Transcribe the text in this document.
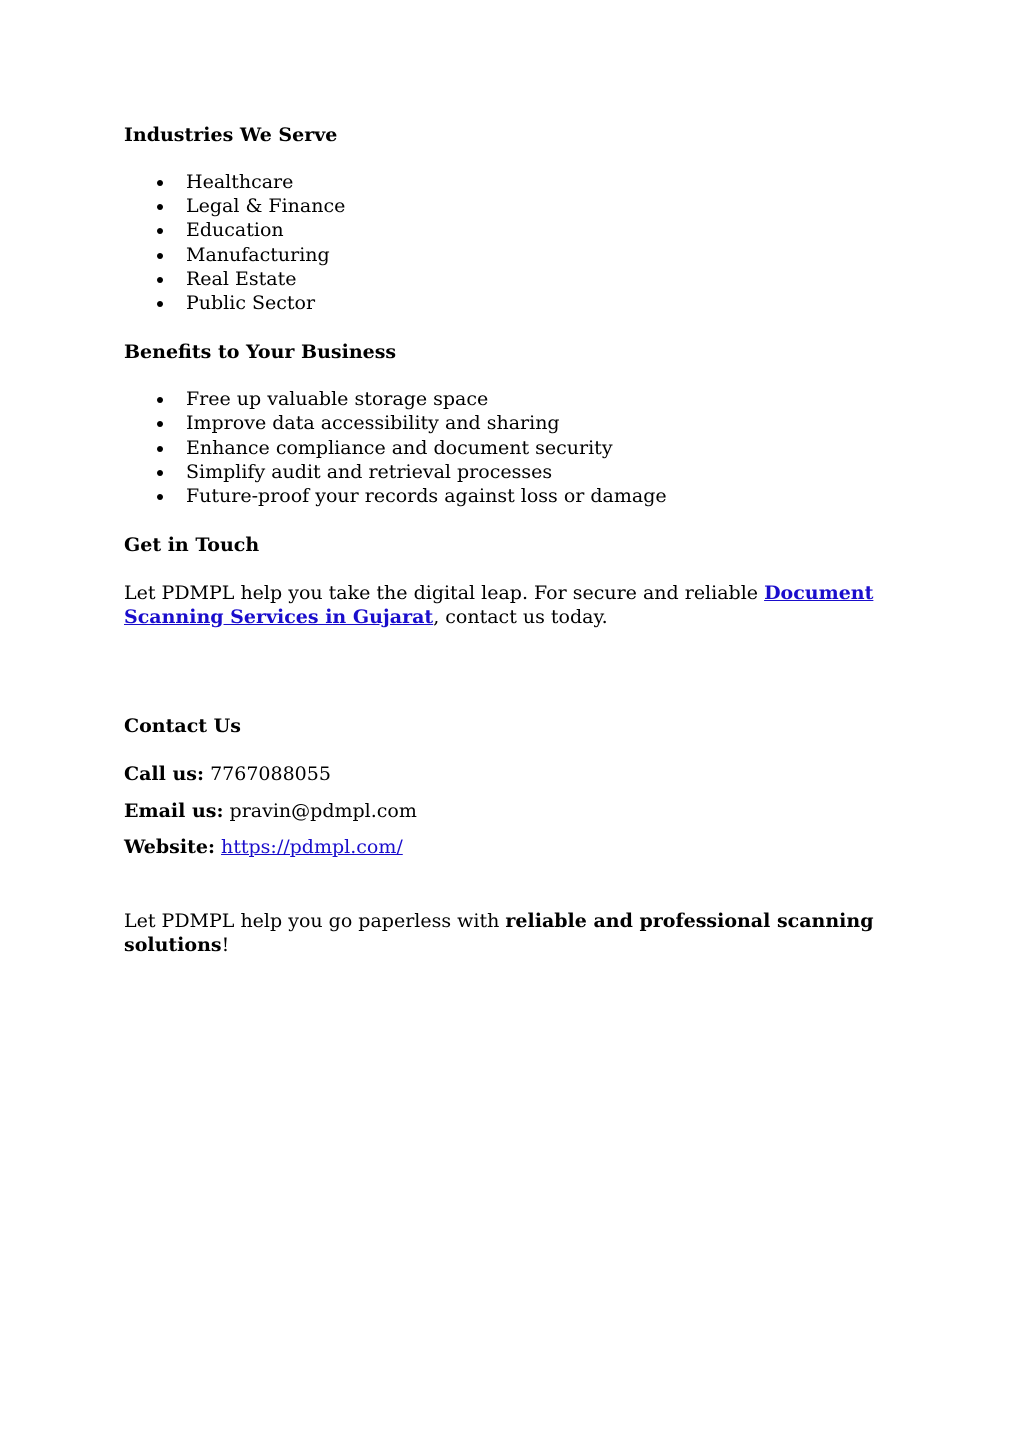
Industries We Serve
Healthcare
Legal & Finance
Education
Manufacturing
Real Estate
Public Sector
Benefits to Your Business
Free up valuable storage space
Improve data accessibility and sharing
Enhance compliance and document security
Simplify audit and retrieval processes
Future-proof your records against loss or damage
Get in Touch

Let PDMPL help you take the digital leap. For secure and reliable Document Scanning Services in Gujarat, contact us today.

Contact Us

Call us: 7767088055

Email us: pravin@pdmpl.com

Website: https://pdmpl.com/

Let PDMPL help you go paperless with reliable and professional scanning solutions!
